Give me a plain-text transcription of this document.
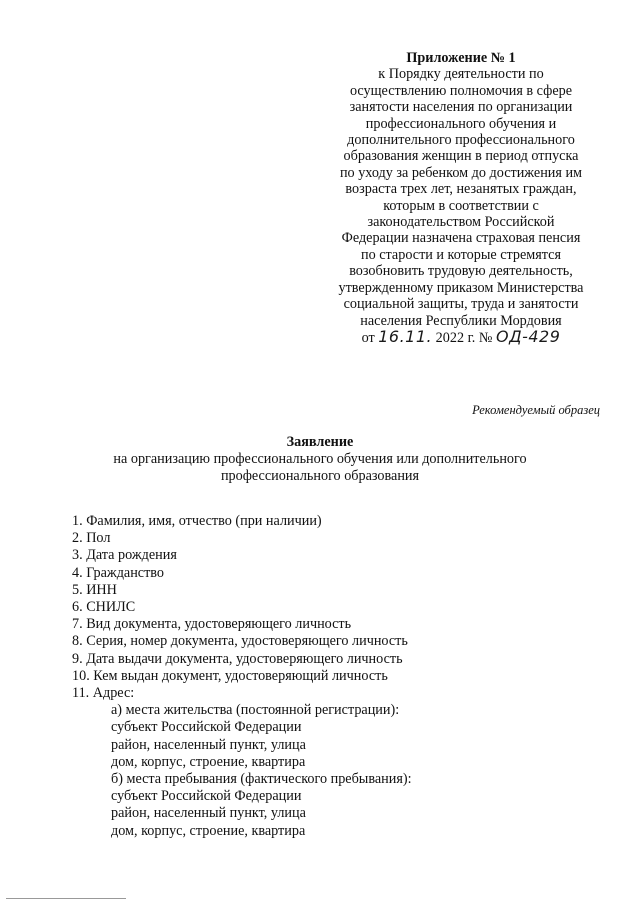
Приложение № 1
к Порядку деятельности по
осуществлению полномочия в сфере
занятости населения по организации
профессионального обучения и
дополнительного профессионального
образования женщин в период отпуска
по уходу за ребенком до достижения им
возраста трех лет, незанятых граждан,
которым в соответствии с
законодательством Российской
Федерации назначена страховая пенсия
по старости и которые стремятся
возобновить трудовую деятельность,
утвержденному приказом Министерства
социальной защиты, труда и занятости
населения Республики Мордовия
от 16.11. 2022 г. № ОД-429
Рекомендуемый образец
Заявление
на организацию профессионального обучения или дополнительного
профессионального образования
1. Фамилия, имя, отчество (при наличии)
2. Пол
3. Дата рождения
4. Гражданство
5. ИНН
6. СНИЛС
7. Вид документа, удостоверяющего личность
8. Серия, номер документа, удостоверяющего личность
9. Дата выдачи документа, удостоверяющего личность
10. Кем выдан документ, удостоверяющий личность
11. Адрес:
а) места жительства (постоянной регистрации):
субъект Российской Федерации
район, населенный пункт, улица
дом, корпус, строение, квартира
б) места пребывания (фактического пребывания):
субъект Российской Федерации
район, населенный пункт, улица
дом, корпус, строение, квартира
